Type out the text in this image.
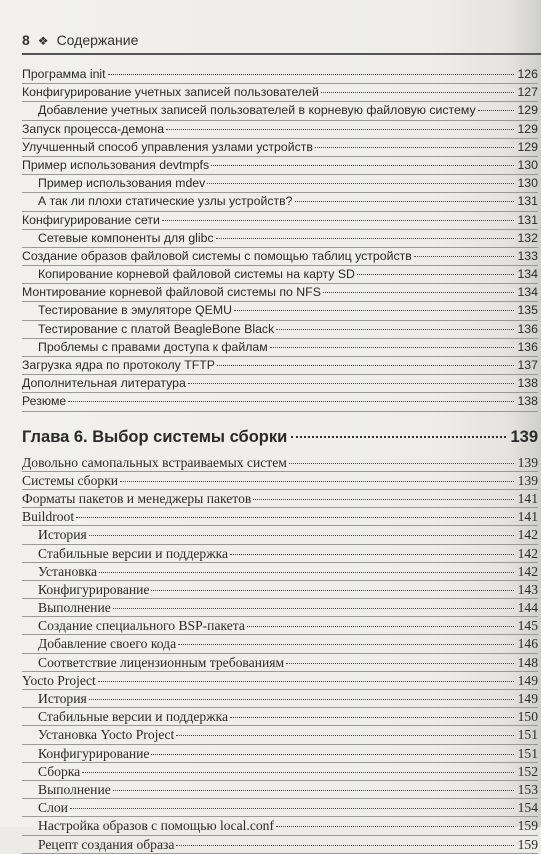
8 ❖ Содержание
Программа init	126
Конфигурирование учетных записей пользователей	127
Добавление учетных записей пользователей в корневую файловую систему	129
Запуск процесса-демона	129
Улучшенный способ управления узлами устройств	129
Пример использования devtmpfs	130
Пример использования mdev	130
А так ли плохи статические узлы устройств?	131
Конфигурирование сети	131
Сетевые компоненты для glibc	132
Создание образов файловой системы с помощью таблиц устройств	133
Копирование корневой файловой системы на карту SD	134
Монтирование корневой файловой системы по NFS	134
Тестирование в эмуляторе QEMU	135
Тестирование с платой BeagleBone Black	136
Проблемы с правами доступа к файлам	136
Загрузка ядра по протоколу TFTP	137
Дополнительная литература	138
Резюме	138
Глава 6. Выбор системы сборки	139
Довольно самопальных встраиваемых систем	139
Системы сборки	139
Форматы пакетов и менеджеры пакетов	141
Buildroot	141
История	142
Стабильные версии и поддержка	142
Установка	142
Конфигурирование	143
Выполнение	144
Создание специального BSP-пакета	145
Добавление своего кода	146
Соответствие лицензионным требованиям	148
Yocto Project	149
История	149
Стабильные версии и поддержка	150
Установка Yocto Project	151
Конфигурирование	151
Сборка	152
Выполнение	153
Слои	154
Настройка образов с помощью local.conf	159
Рецепт создания образа	159
